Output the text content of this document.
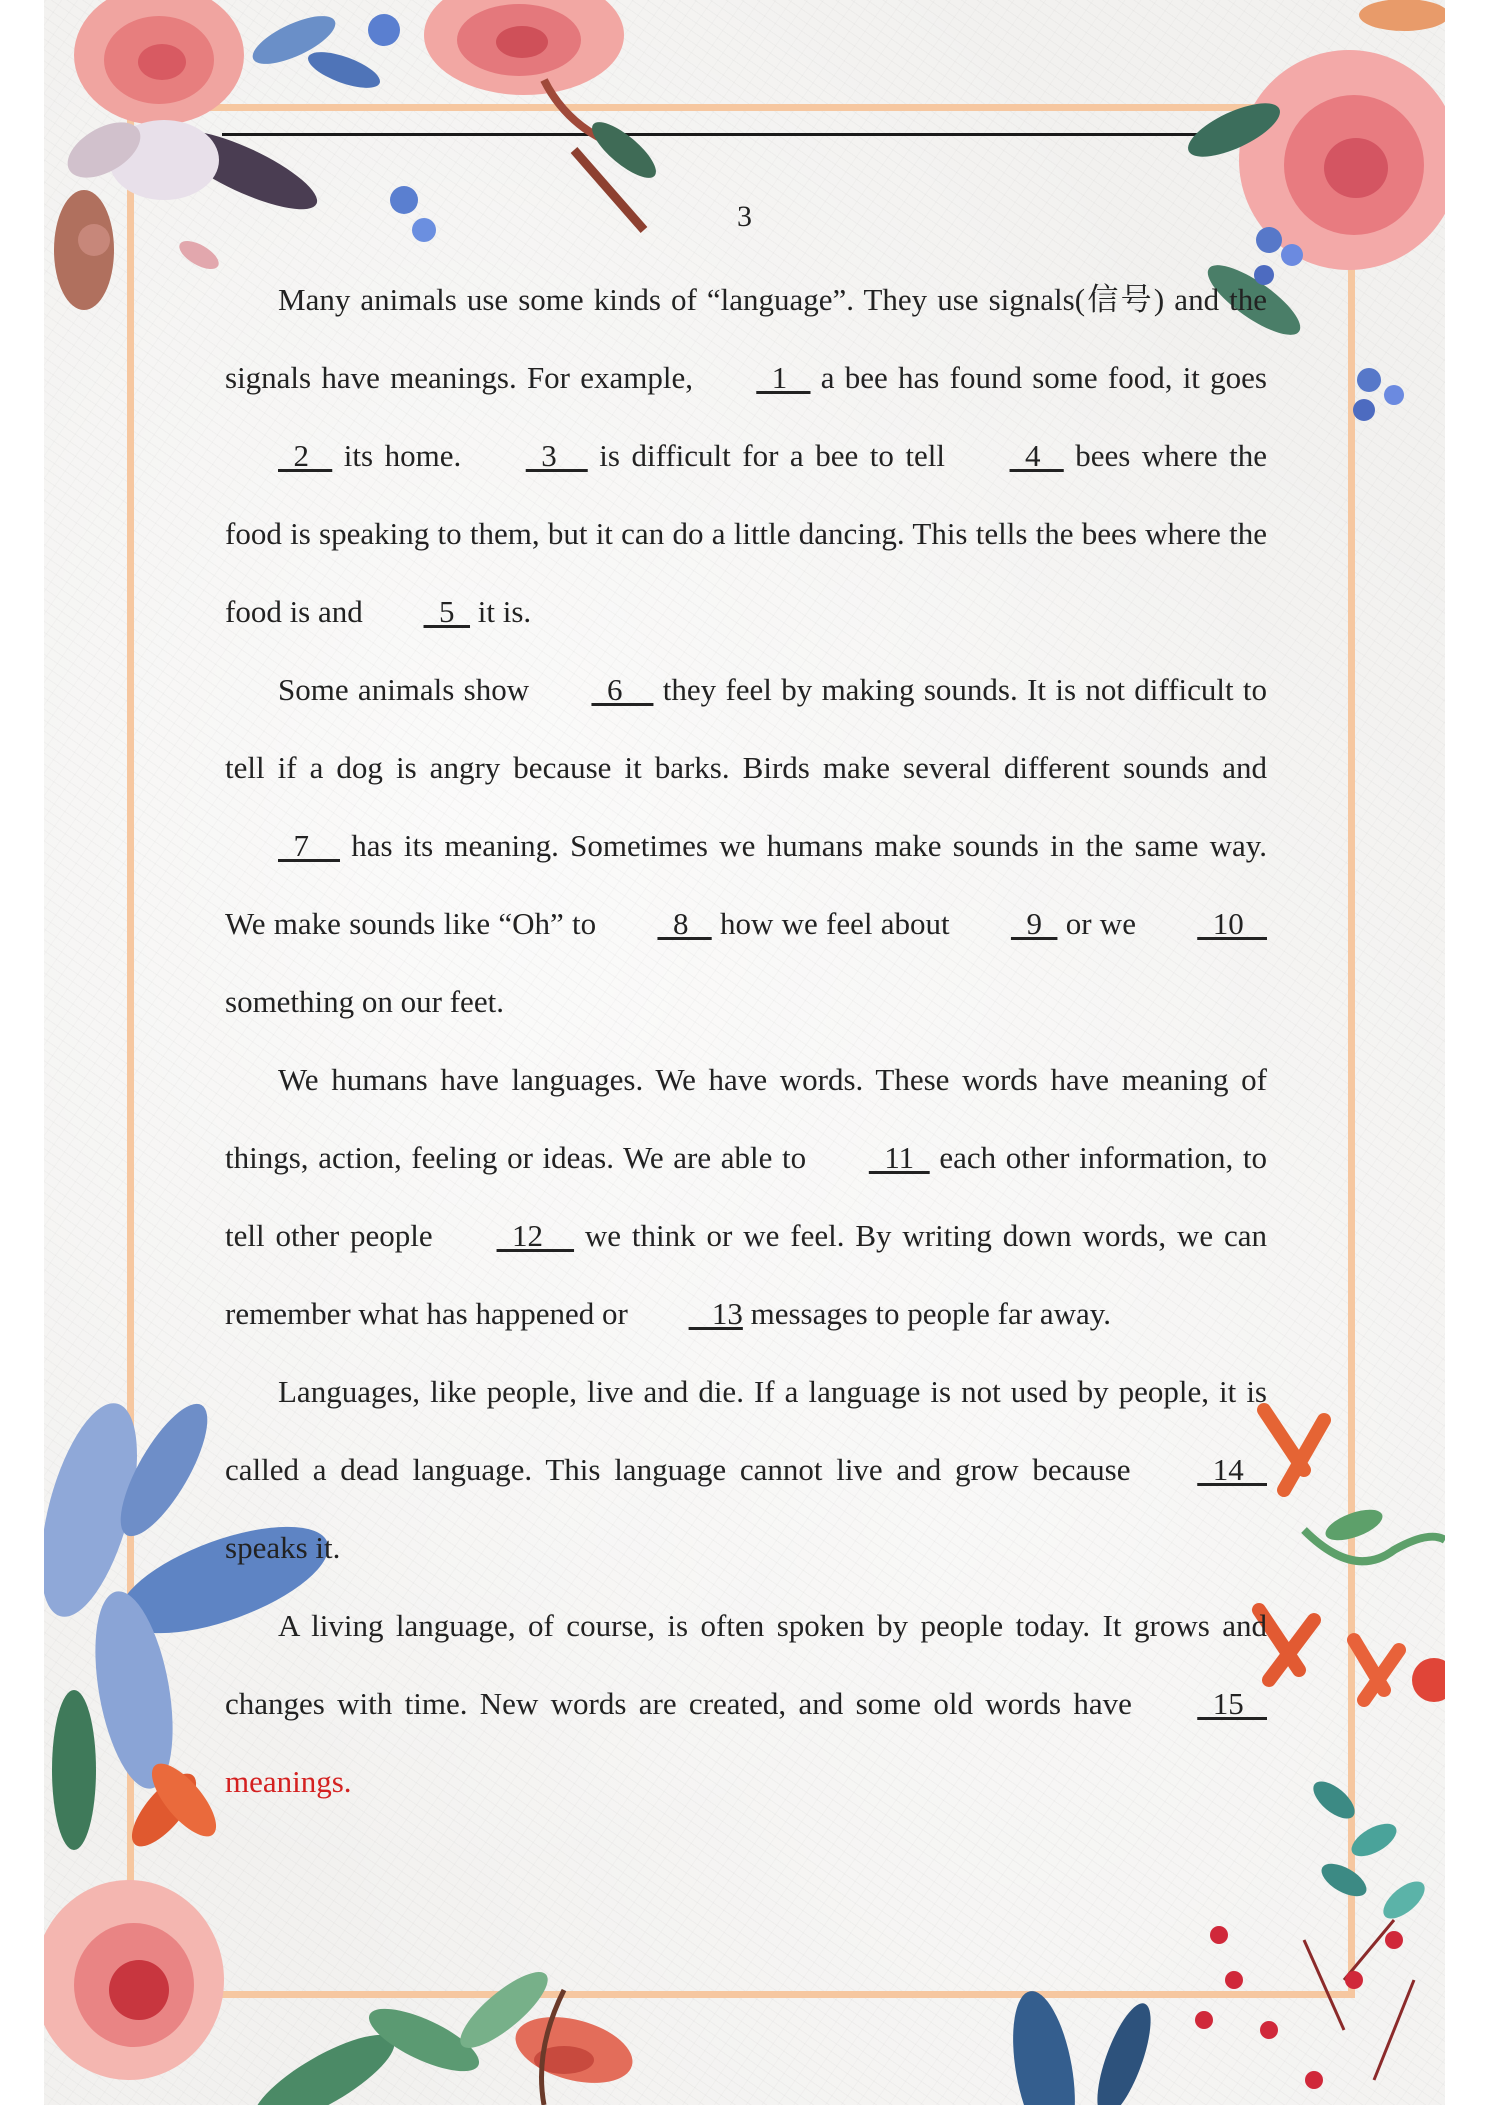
3

Many animals use some kinds of “language”. They use signals(信号) and the signals have meanings. For example,   1    a bee has found some food, it goes   2    its home.   3     is difficult for a bee to tell   4    bees where the food is speaking to them, but it can do a little dancing. This tells the bees where the food is and   5   it is.

Some animals show   6     they feel by making sounds. It is not difficult to tell if a dog is angry because it barks. Birds make several different sounds and   7     has its meaning. Sometimes we humans make sounds in the same way. We make sounds like “Oh” to   8    how we feel about   9   or we   10    something on our feet.

We humans have languages. We have words. These words have meaning of things, action, feeling or ideas. We are able to   11   each other information, to tell other people   12     we think or we feel. By writing down words, we can remember what has happened or    13 messages to people far away.

Languages, like people, live and die. If a language is not used by people, it is called a dead language. This language cannot live and grow because   14    speaks it.

A living language, of course, is often spoken by people today. It grows and changes with time. New words are created, and some old words have   15    meanings.
